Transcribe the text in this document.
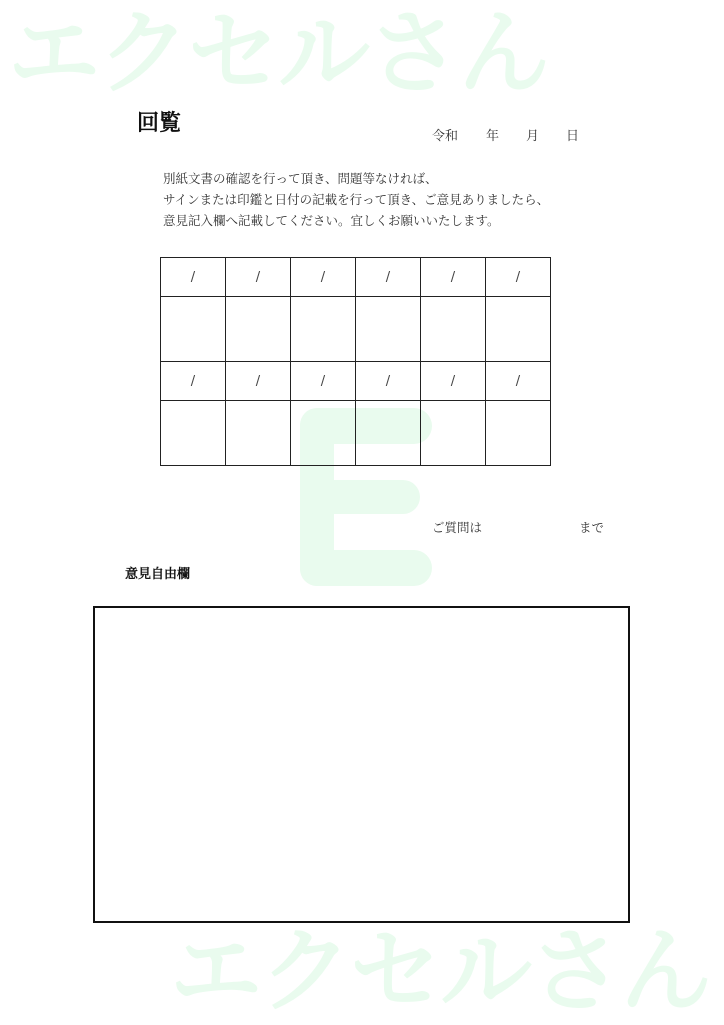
エクセルさん
エクセルさん
回覧
令和 年 月 日
別紙文書の確認を行って頂き、問題等なければ、
サインまたは印鑑と日付の記載を行って頂き、ご意見ありましたら、
意見記入欄へ記載してください。宜しくお願いいたします。
/	/	/	/	/	/

/	/	/	/	/	/

ご質問は	まで
意見自由欄
